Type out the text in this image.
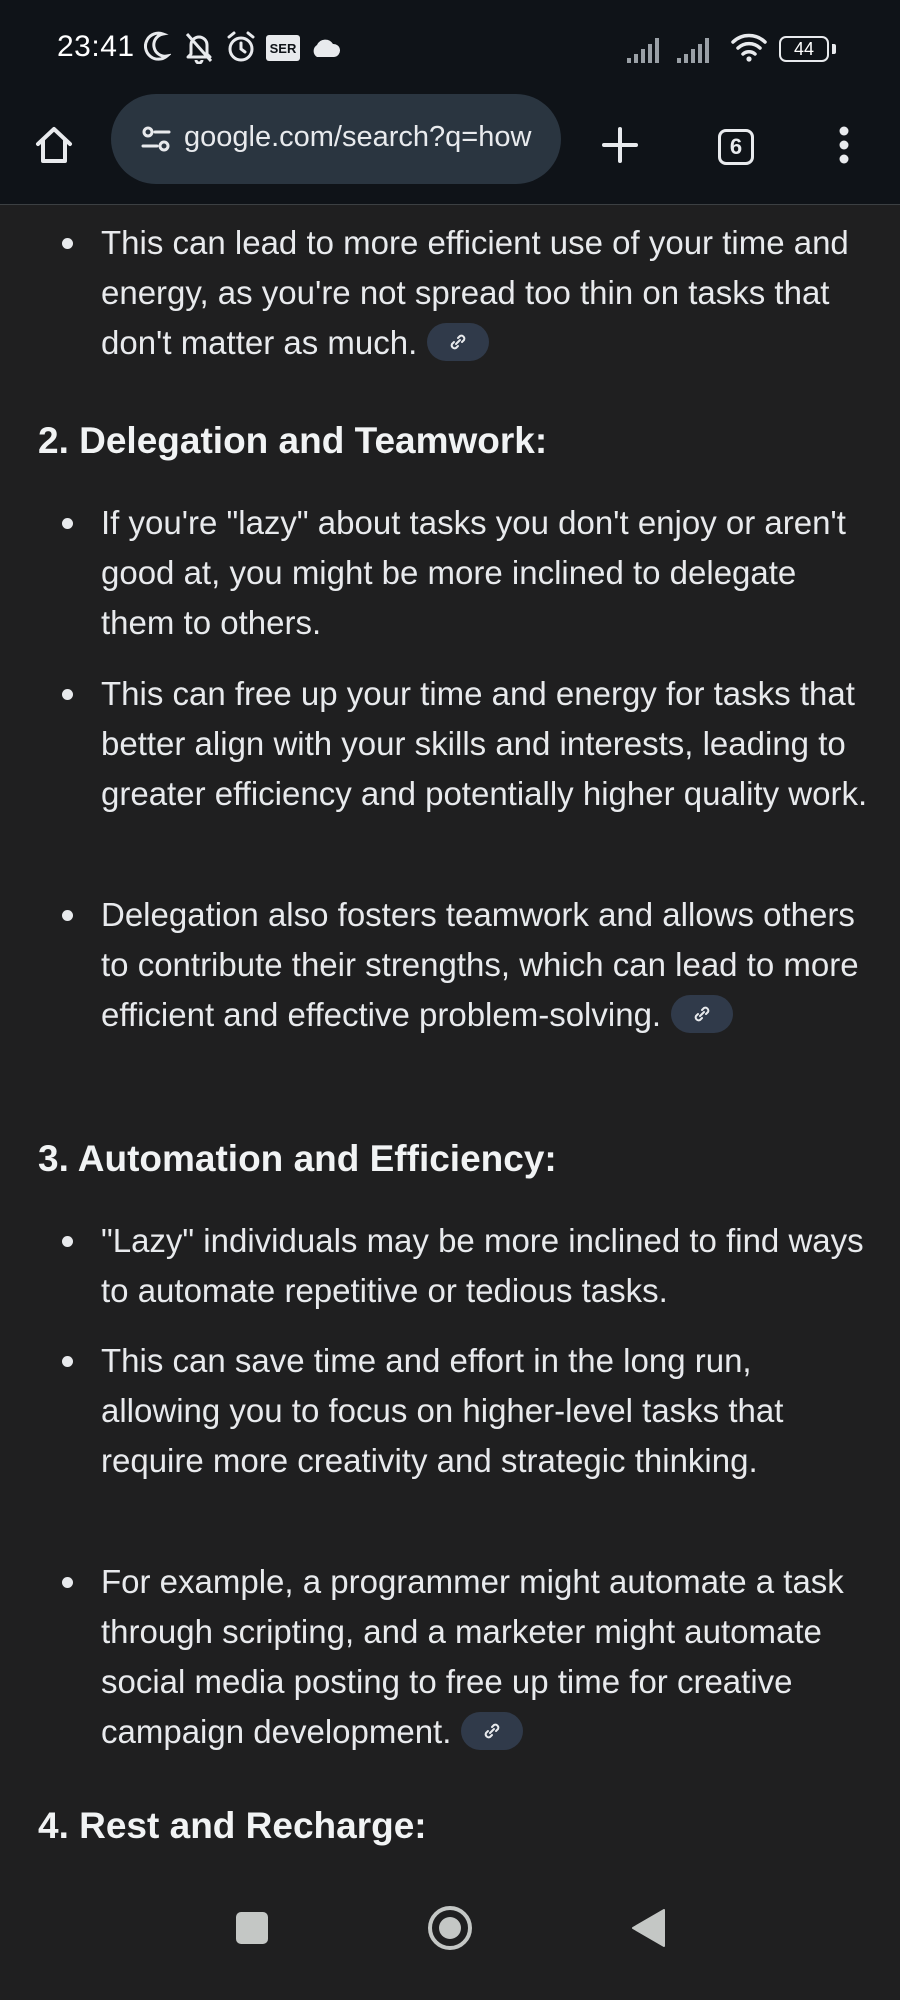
23:41	SER	44
6
google.com/search?q=how
This can lead to more efficient use of your time and energy, as you're not spread too thin on tasks that don't matter as much.
2. Delegation and Teamwork:
If you're "lazy" about tasks you don't enjoy or aren't good at, you might be more inclined to delegate them to others.
This can free up your time and energy for tasks that better align with your skills and interests, leading to greater efficiency and potentially higher quality work.
Delegation also fosters teamwork and allows others to contribute their strengths, which can lead to more efficient and effective problem-solving.
3. Automation and Efficiency:
"Lazy" individuals may be more inclined to find ways to automate repetitive or tedious tasks.
This can save time and effort in the long run, allowing you to focus on higher-level tasks that require more creativity and strategic thinking.
For example, a programmer might automate a task through scripting, and a marketer might automate social media posting to free up time for creative campaign development.
4. Rest and Recharge:
